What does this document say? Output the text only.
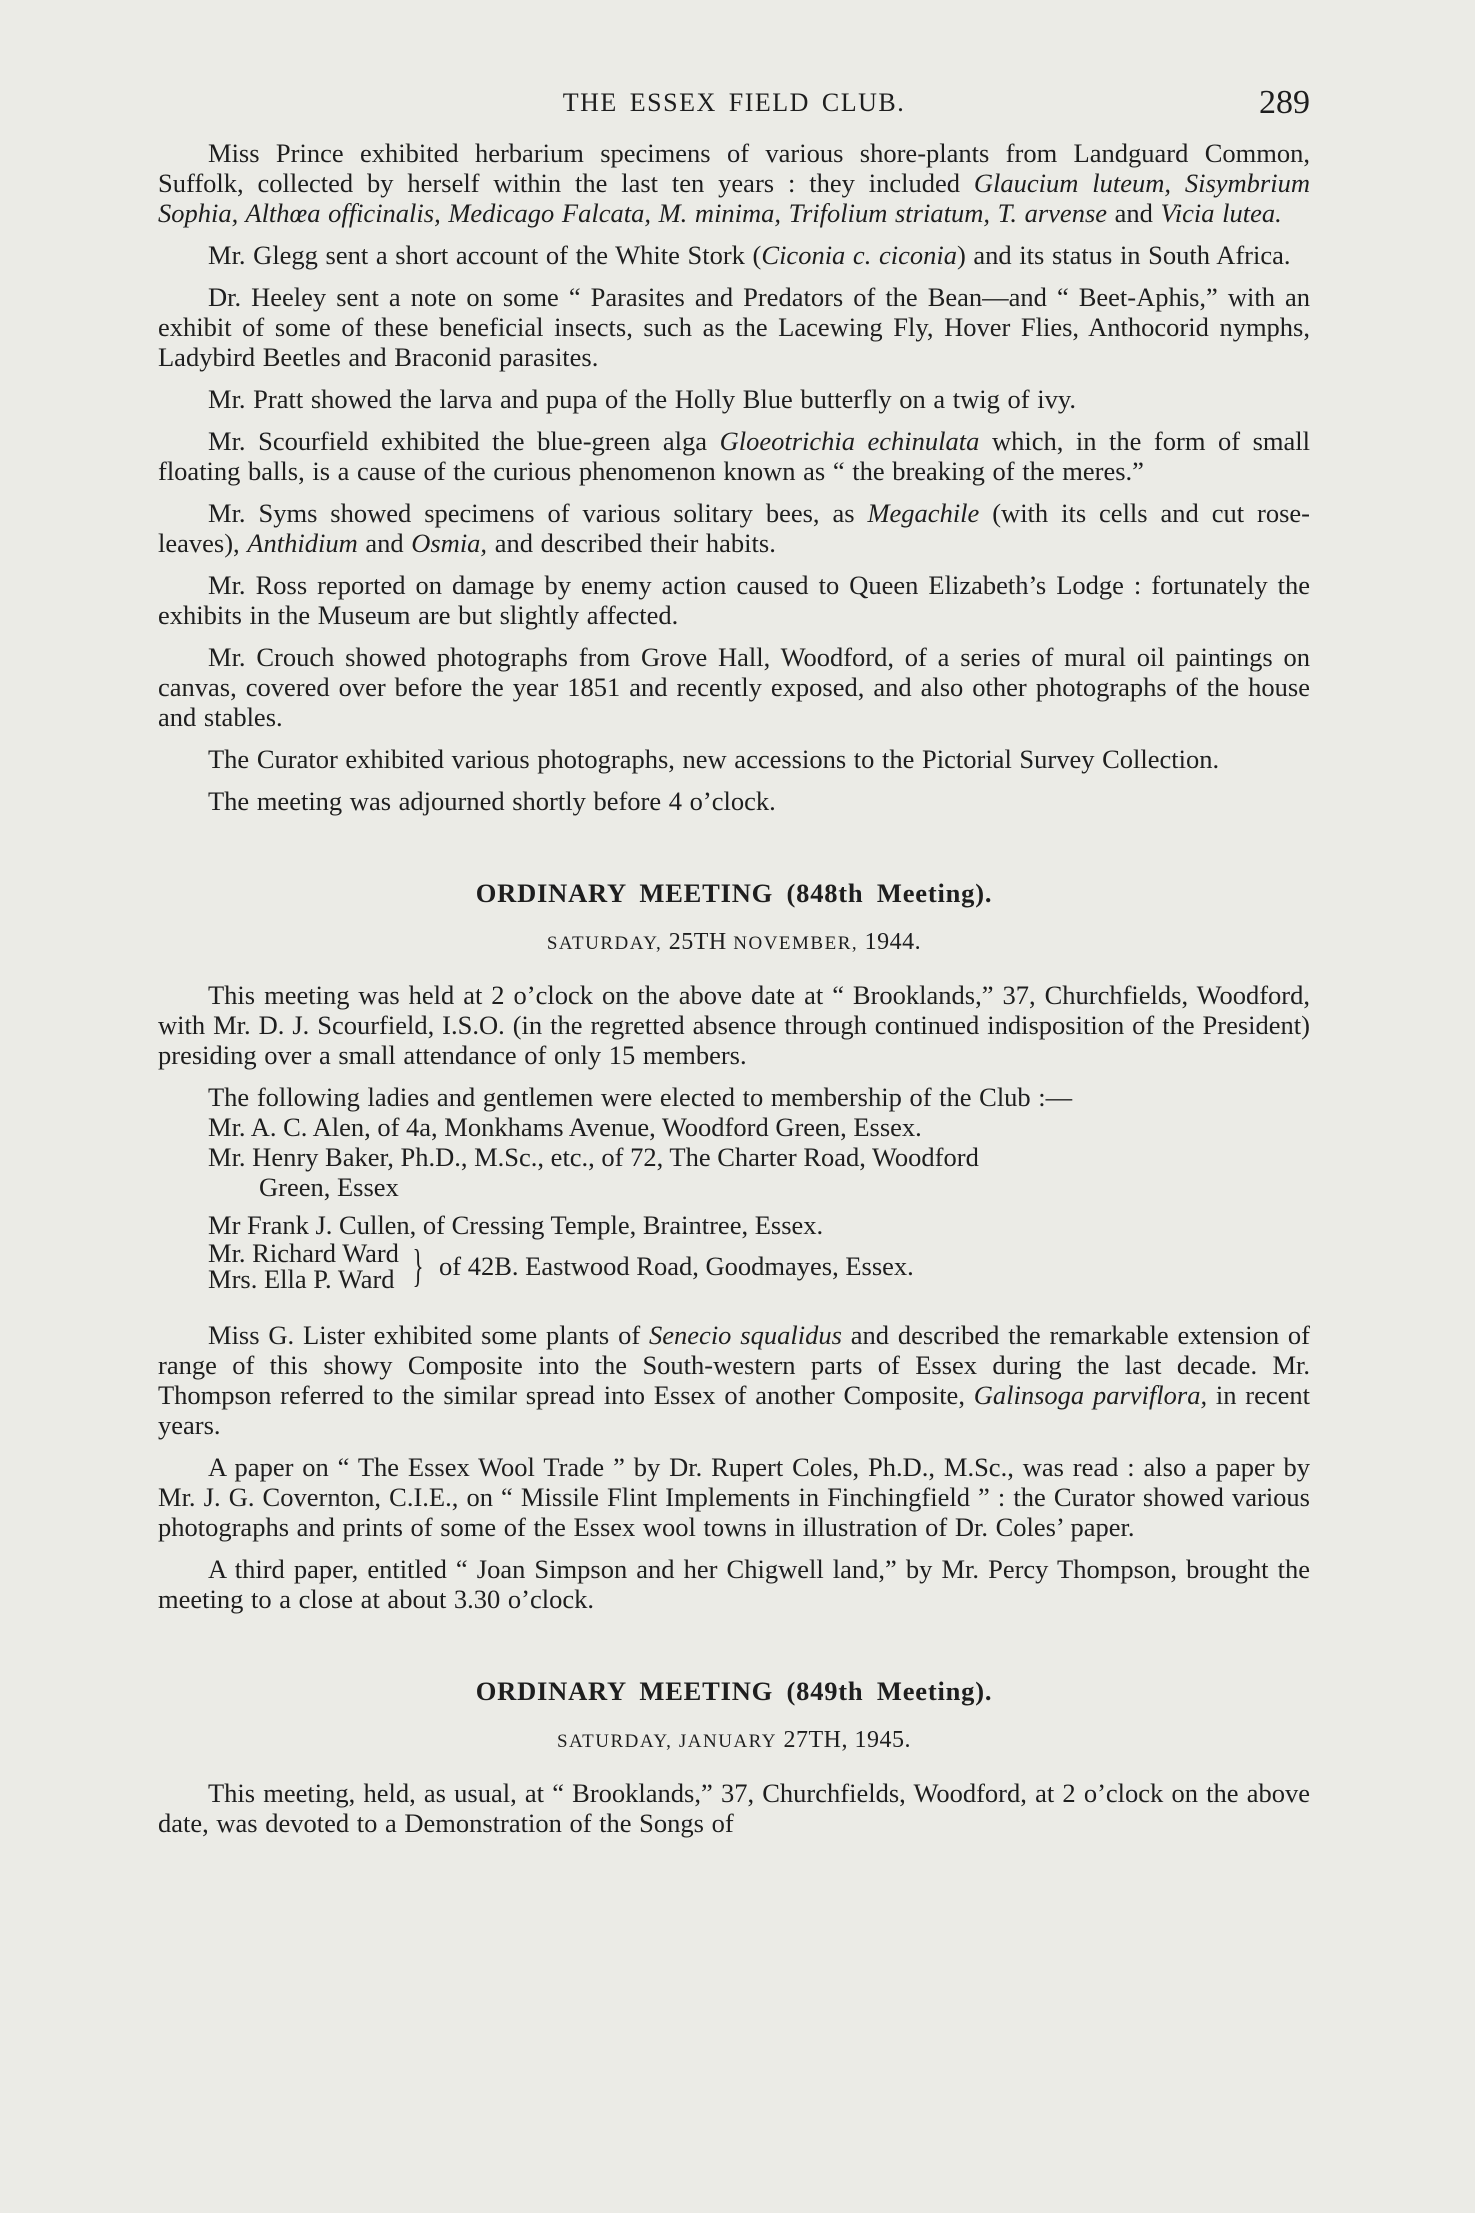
THE ESSEX FIELD CLUB.	289

Miss Prince exhibited herbarium specimens of various shore-plants from Landguard Common, Suffolk, collected by herself within the last ten years : they included Glaucium luteum, Sisymbrium Sophia, Althœa officinalis, Medicago Falcata, M. minima, Trifolium striatum, T. arvense and Vicia lutea.

Mr. Glegg sent a short account of the White Stork (Ciconia c. ciconia) and its status in South Africa.

Dr. Heeley sent a note on some “ Parasites and Predators of the Bean—and “ Beet-Aphis,” with an exhibit of some of these beneficial insects, such as the Lacewing Fly, Hover Flies, Anthocorid nymphs, Ladybird Beetles and Braconid parasites.

Mr. Pratt showed the larva and pupa of the Holly Blue butterfly on a twig of ivy.

Mr. Scourfield exhibited the blue-green alga Gloeotrichia echinulata which, in the form of small floating balls, is a cause of the curious phenomenon known as “ the breaking of the meres.”

Mr. Syms showed specimens of various solitary bees, as Megachile (with its cells and cut rose-leaves), Anthidium and Osmia, and described their habits.

Mr. Ross reported on damage by enemy action caused to Queen Elizabeth’s Lodge : fortunately the exhibits in the Museum are but slightly affected.

Mr. Crouch showed photographs from Grove Hall, Woodford, of a series of mural oil paintings on canvas, covered over before the year 1851 and recently exposed, and also other photographs of the house and stables.

The Curator exhibited various photographs, new accessions to the Pictorial Survey Collection.

The meeting was adjourned shortly before 4 o’clock.

ORDINARY MEETING (848th Meeting).
SATURDAY, 25TH NOVEMBER, 1944.

This meeting was held at 2 o’clock on the above date at “ Brooklands,” 37, Churchfields, Woodford, with Mr. D. J. Scourfield, I.S.O. (in the regretted absence through continued indisposition of the President) presiding over a small attendance of only 15 members.

The following ladies and gentlemen were elected to membership of the Club :—

Mr. A. C. Alen, of 4a, Monkhams Avenue, Woodford Green, Essex.
Mr. Henry Baker, Ph.D., M.Sc., etc., of 72, The Charter Road, Woodford
Green, Essex
Mr Frank J. Cullen, of Cressing Temple, Braintree, Essex.
Mr. Richard Ward
Mrs. Ella P. Ward } of 42B. Eastwood Road, Goodmayes, Essex.

Miss G. Lister exhibited some plants of Senecio squalidus and described the remarkable extension of range of this showy Composite into the South-western parts of Essex during the last decade. Mr. Thompson referred to the similar spread into Essex of another Composite, Galinsoga parviflora, in recent years.

A paper on “ The Essex Wool Trade ” by Dr. Rupert Coles, Ph.D., M.Sc., was read : also a paper by Mr. J. G. Covernton, C.I.E., on “ Missile Flint Implements in Finchingfield ” : the Curator showed various photographs and prints of some of the Essex wool towns in illustration of Dr. Coles’ paper.

A third paper, entitled “ Joan Simpson and her Chigwell land,” by Mr. Percy Thompson, brought the meeting to a close at about 3.30 o’clock.

ORDINARY MEETING (849th Meeting).
SATURDAY, JANUARY 27TH, 1945.

This meeting, held, as usual, at “ Brooklands,” 37, Churchfields, Woodford, at 2 o’clock on the above date, was devoted to a Demonstration of the Songs of
